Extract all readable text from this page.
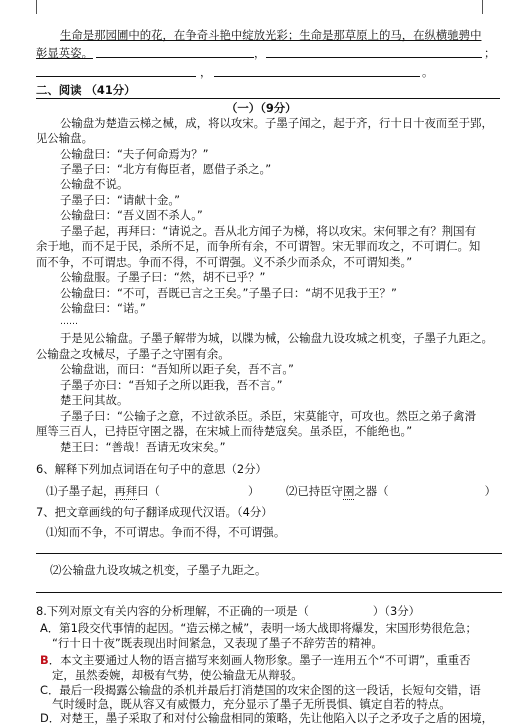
生命是那园圃中的花，在争奇斗艳中绽放光彩；生命是那草原上的马，在纵横驰骋中
彰显英姿。	，	；
，	。
二、阅读 （41分）
（一）（9分）
公输盘为楚造云梯之械，成，将以攻宋。子墨子闻之，起于齐，行十日十夜而至于郢，
见公输盘。
公输盘曰：“夫子何命焉为？”
子墨子曰：“北方有侮臣者，愿借子杀之。”
公输盘不说。
子墨子曰：“请献十金。”
公输盘曰：“吾义固不杀人。”
子墨子起，再拜曰：“请说之。吾从北方闻子为梯，将以攻宋。宋何罪之有？荆国有
余于地，而不足于民，杀所不足，而争所有余，不可谓智。宋无罪而攻之，不可谓仁。知
而不争，不可谓忠。争而不得，不可谓强。义不杀少而杀众，不可谓知类。”
公输盘服。子墨子曰：“然，胡不已乎？”
公输盘曰：“不可，吾既已言之王矣。”子墨子曰：“胡不见我于王？”
公输盘曰：“诺。”
……
于是见公输盘。子墨子解带为城，以牒为械，公输盘九设攻城之机变，子墨子九距之。
公输盘之攻械尽，子墨子之守圉有余。
公输盘诎，而曰：“吾知所以距子矣，吾不言。”
子墨子亦曰：“吾知子之所以距我，吾不言。”
楚王问其故。
子墨子曰：“公输子之意，不过欲杀臣。杀臣，宋莫能守，可攻也。然臣之弟子禽滑
厘等三百人，已持臣守圉之器，在宋城上而待楚寇矣。虽杀臣，不能绝也。”
楚王曰：“善哉！吾请无攻宋矣。”
6、解释下列加点词语在句子中的意思（2分）
⑴子墨子起，再拜曰（	） ⑵已持臣守圉之器（	）
7、把文章画线的句子翻译成现代汉语。（4分）
⑴知而不争，不可谓忠。争而不得，不可谓强。
⑵公输盘九设攻城之机变，子墨子九距之。
8.下列对原文有关内容的分析理解，不正确的一项是（	）（3分）
A．第1段交代事情的起因。“造云梯之械”，表明一场大战即将爆发，宋国形势很危急；
“行十日十夜”既表现出时间紧急，又表现了墨子不辞劳苦的精神。
B．本文主要通过人物的语言描写来刻画人物形象。墨子一连用五个“不可谓”，重重否
定，虽然委婉，却极有气势，使公输盘无从辩驳。
C．最后一段揭露公输盘的杀机并最后打消楚国的攻宋企图的这一段话，长短句交错，语
气时缓时急，既从容又有威慑力，充分显示了墨子无所畏惧、镇定自若的特点。
D．对楚王，墨子采取了和对付公输盘相同的策略，先让他陷入以子之矛攻子之盾的困境，
